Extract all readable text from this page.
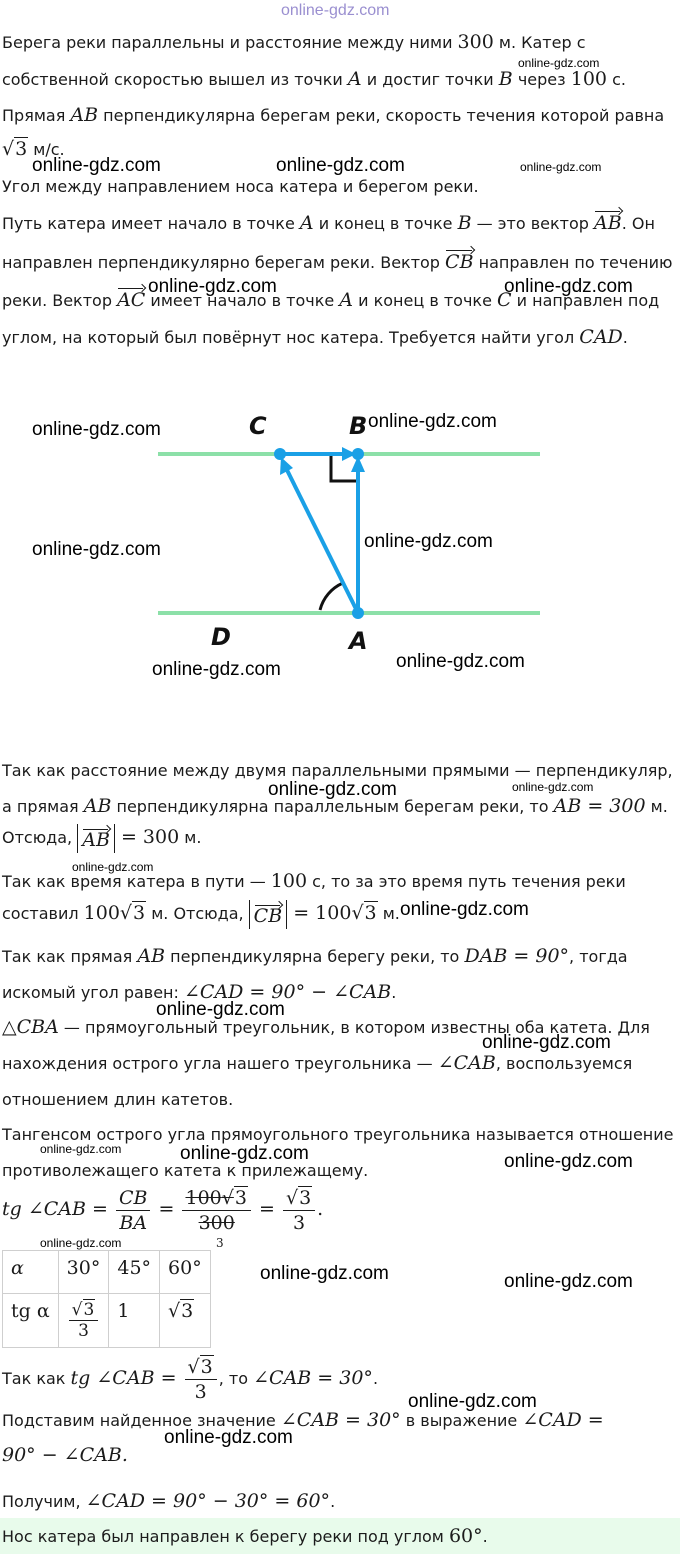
online-gdz.com
Берега реки параллельны и расстояние между ними 300 м. Катер с
собственной скоростью вышел из точки A и достиг точки B через 100 с.
Прямая AB перпендикулярна берегам реки, скорость течения которой равна
√3 м/с.
Угол между направлением носа катера и берегом реки.
Путь катера имеет начало в точке A и конец в точке B — это вектор AB. Он
направлен перпендикулярно берегам реки. Вектор CB направлен по течению
реки. Вектор AC имеет начало в точке A и конец в точке C и направлен под
углом, на который был повёрнут нос катера. Требуется найти угол CAD.
C	B
D	A
Так как расстояние между двумя параллельными прямыми — перпендикуляр,
а прямая AB перпендикулярна параллельным берегам реки, то AB = 300 м.
Отсюда, AB = 300 м.
Так как время катера в пути — 100 с, то за это время путь течения реки
составил 100√3 м. Отсюда, CB = 100√3 м.
Так как прямая AB перпендикулярна берегу реки, то DAB = 90°, тогда
искомый угол равен: ∠CAD = 90° − ∠CAB.
△CBA — прямоугольный треугольник, в котором известны оба катета. Для
нахождения острого угла нашего треугольника — ∠CAB, воспользуемся
отношением длин катетов.
Тангенсом острого угла прямоугольного треугольника называется отношение
противолежащего катета к прилежащему.
tg ∠CAB = $\frac{CB}{BA} = \frac{100√3}{300} = \frac{√3}{3}$ .
3
α	30°	45°	60°
tg α	$\frac{√3}{3}$	1	√3
Так как tg ∠CAB = $\frac{√3}{3}$ , то ∠CAB = 30°.
Подставим найденное значение ∠CAB = 30° в выражение ∠CAD =
90° − ∠CAB.
Получим, ∠CAD = 90° − 30° = 60°.
Нос катера был направлен к берегу реки под углом 60°.
online-gdz.com
online-gdz.com	online-gdz.com	online-gdz.com
online-gdz.com	online-gdz.com
online-gdz.com	online-gdz.com
online-gdz.com	online-gdz.com
online-gdz.com	online-gdz.com
online-gdz.com	online-gdz.com
online-gdz.com
online-gdz.com
online-gdz.com
online-gdz.com
online-gdz.com	online-gdz.com	online-gdz.com
online-gdz.com
online-gdz.com	online-gdz.com
online-gdz.com
online-gdz.com
